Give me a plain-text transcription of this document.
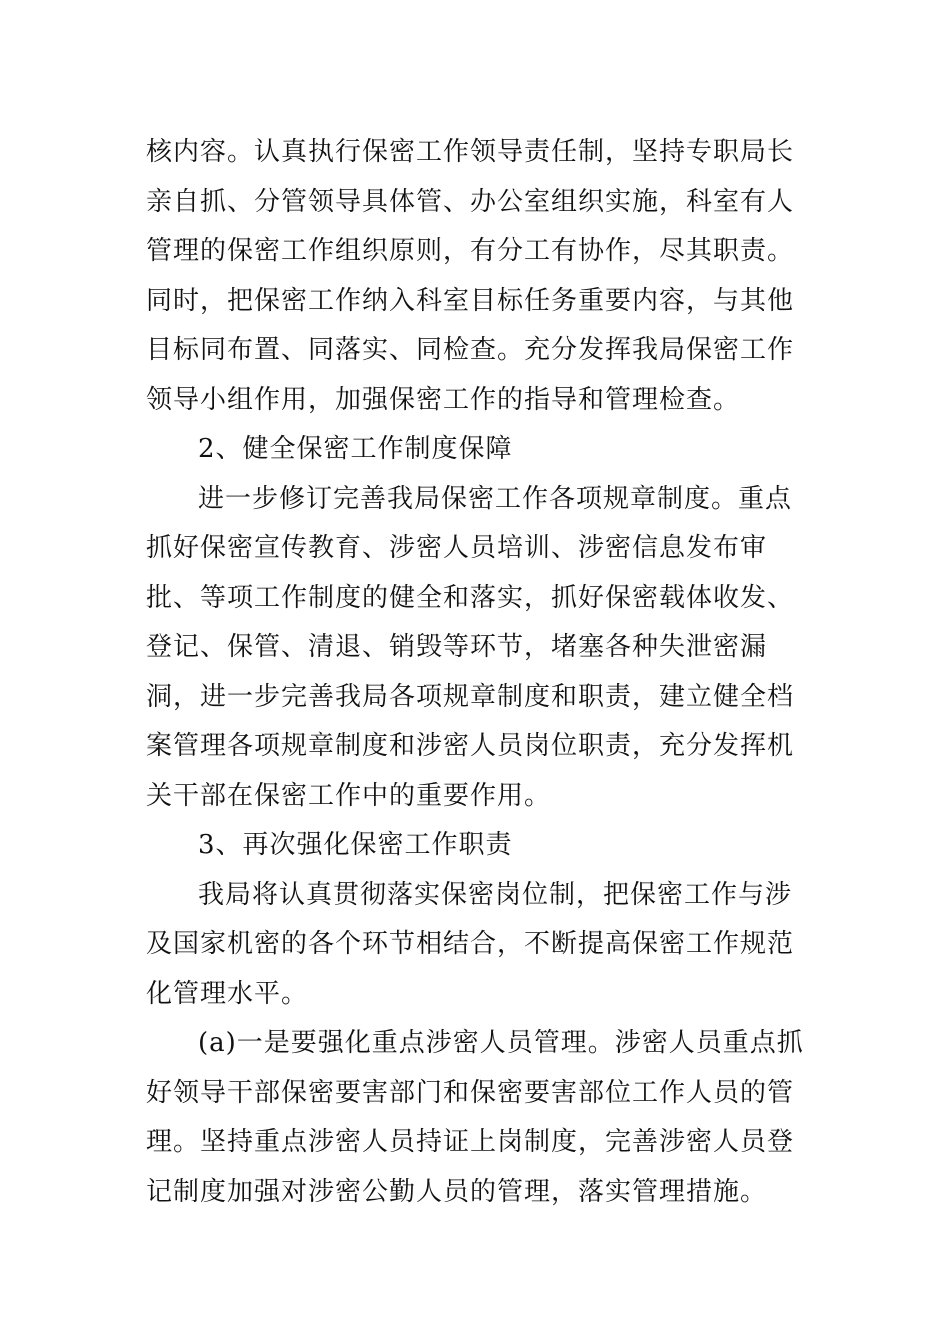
核内容。认真执行保密工作领导责任制，坚持专职局长亲自抓、分管领导具体管、办公室组织实施，科室有人管理的保密工作组织原则，有分工有协作，尽其职责。同时，把保密工作纳入科室目标任务重要内容，与其他目标同布置、同落实、同检查。充分发挥我局保密工作领导小组作用，加强保密工作的指导和管理检查。

2、健全保密工作制度保障

进一步修订完善我局保密工作各项规章制度。重点抓好保密宣传教育、涉密人员培训、涉密信息发布审批、等项工作制度的健全和落实，抓好保密载体收发、登记、保管、清退、销毁等环节，堵塞各种失泄密漏洞，进一步完善我局各项规章制度和职责，建立健全档案管理各项规章制度和涉密人员岗位职责，充分发挥机关干部在保密工作中的重要作用。

3、再次强化保密工作职责

我局将认真贯彻落实保密岗位制，把保密工作与涉及国家机密的各个环节相结合，不断提高保密工作规范化管理水平。

(a)一是要强化重点涉密人员管理。涉密人员重点抓好领导干部保密要害部门和保密要害部位工作人员的管理。坚持重点涉密人员持证上岗制度，完善涉密人员登记制度加强对涉密公勤人员的管理，落实管理措施。
